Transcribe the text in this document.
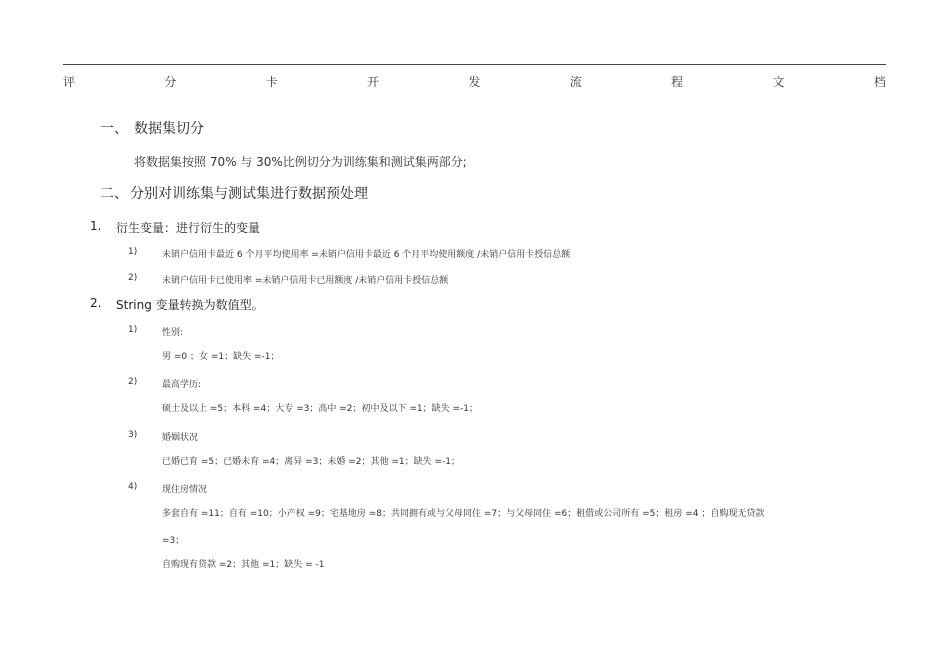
评	分	卡	开	发	流	程	文	档
一、 数据集切分
将数据集按照 70% 与 30%比例切分为训练集和测试集两部分;
二、 分别对训练集与测试集进行数据预处理
1. 衍生变量：进行衍生的变量
1)	未销户信用卡最近 6 个月平均使用率 =未销户信用卡最近 6 个月平均使用额度 /未销户信用卡授信总额
2)	未销户信用卡已使用率 =未销户信用卡已用额度 /未销户信用卡授信总额
2. String 变量转换为数值型。
1)	性别:
男 =0 ；女 =1；缺失 =-1；
2)	最高学历:
硕士及以上 =5；本科 =4；大专 =3；高中 =2；初中及以下 =1；缺失 =-1；
3)	婚姻状况
已婚已育 =5；已婚未育 =4；离异 =3；未婚 =2；其他 =1；缺失 =-1；
4)	现住房情况
多套自有 =11；自有 =10；小产权 =9；宅基地房 =8；共同拥有或与父母同住 =7；与父母同住 =6；租借或公司所有 =5；租房 =4 ；自购现无贷款
=3；
自购现有贷款 =2；其他 =1；缺失 = -1
